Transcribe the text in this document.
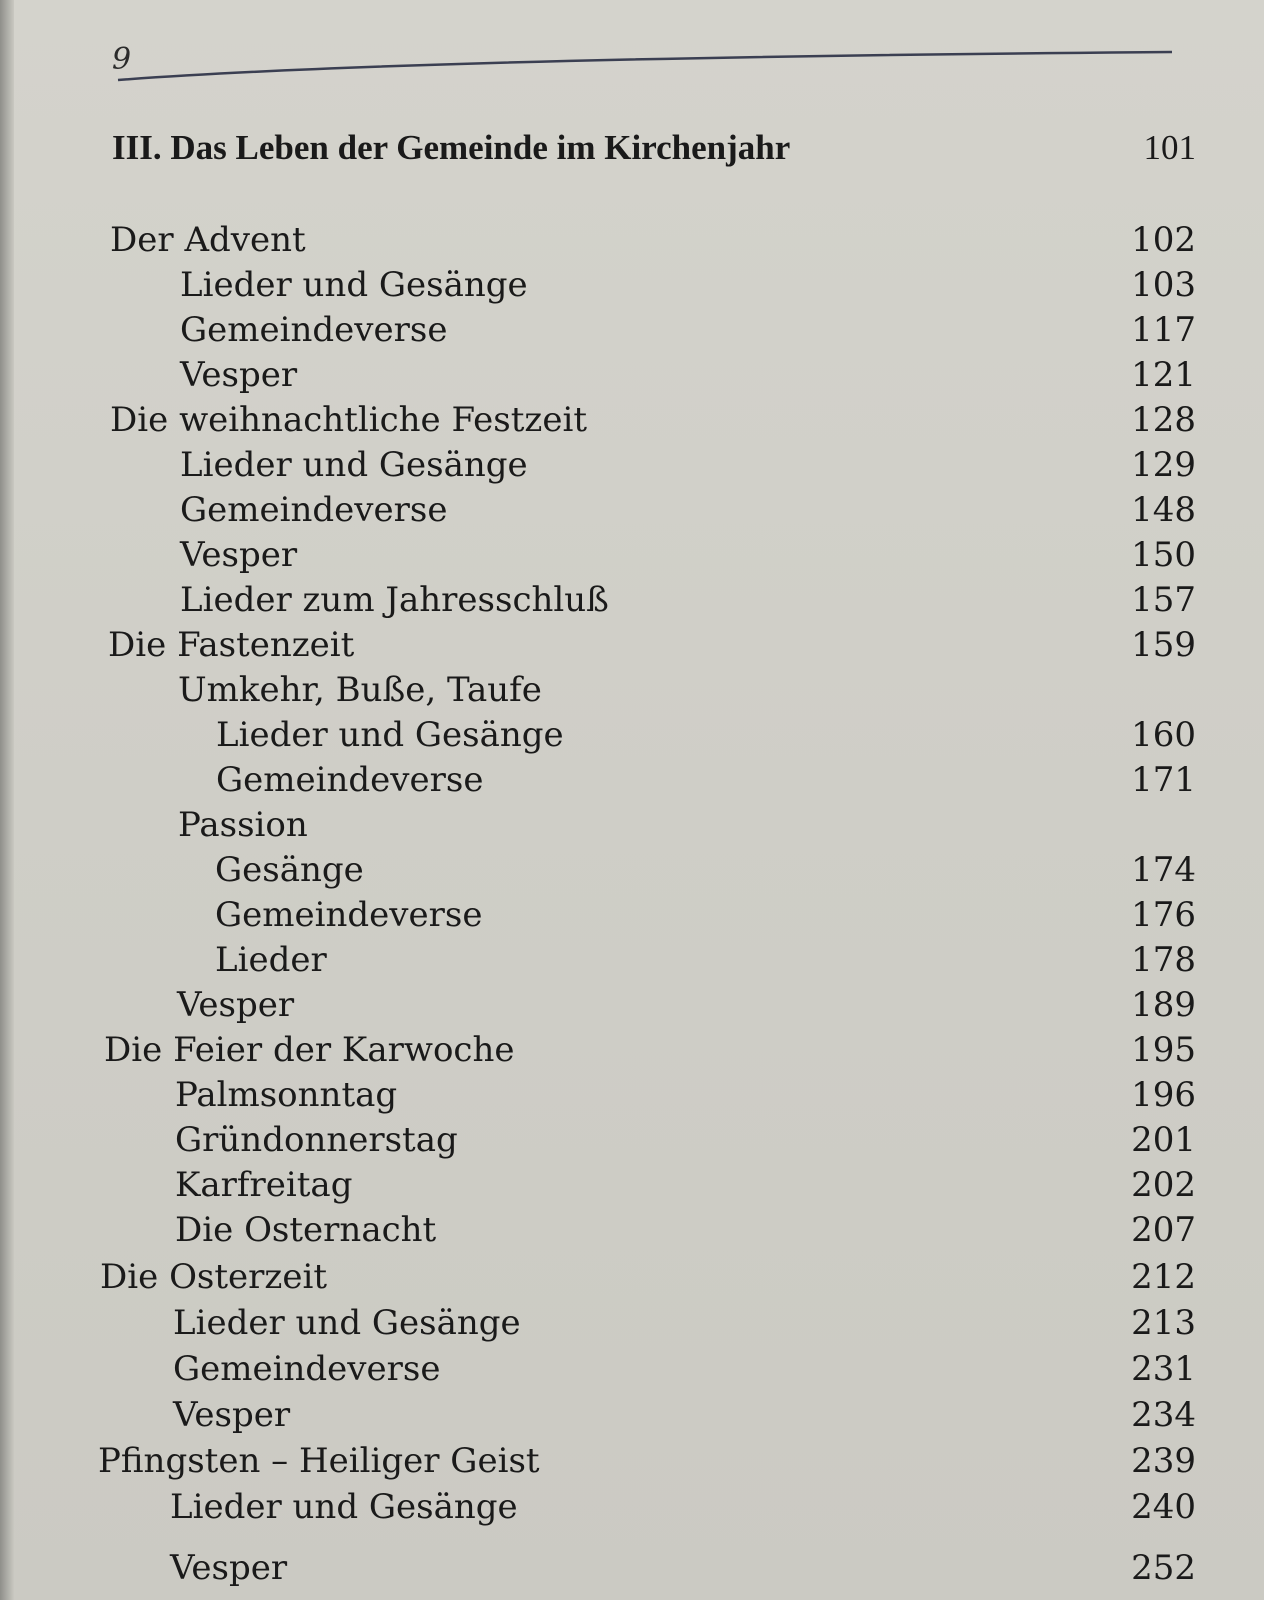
9
III. Das Leben der Gemeinde im Kirchenjahr	101
Der Advent	102
Lieder und Gesänge	103
Gemeindeverse	117
Vesper	121
Die weihnachtliche Festzeit	128
Lieder und Gesänge	129
Gemeindeverse	148
Vesper	150
Lieder zum Jahresschluß	157
Die Fastenzeit	159
Umkehr, Buße, Taufe
Lieder und Gesänge	160
Gemeindeverse	171
Passion
Gesänge	174
Gemeindeverse	176
Lieder	178
Vesper	189
Die Feier der Karwoche	195
Palmsonntag	196
Gründonnerstag	201
Karfreitag	202
Die Osternacht	207
Die Osterzeit	212
Lieder und Gesänge	213
Gemeindeverse	231
Vesper	234
Pfingsten – Heiliger Geist	239
Lieder und Gesänge	240
Vesper	252
